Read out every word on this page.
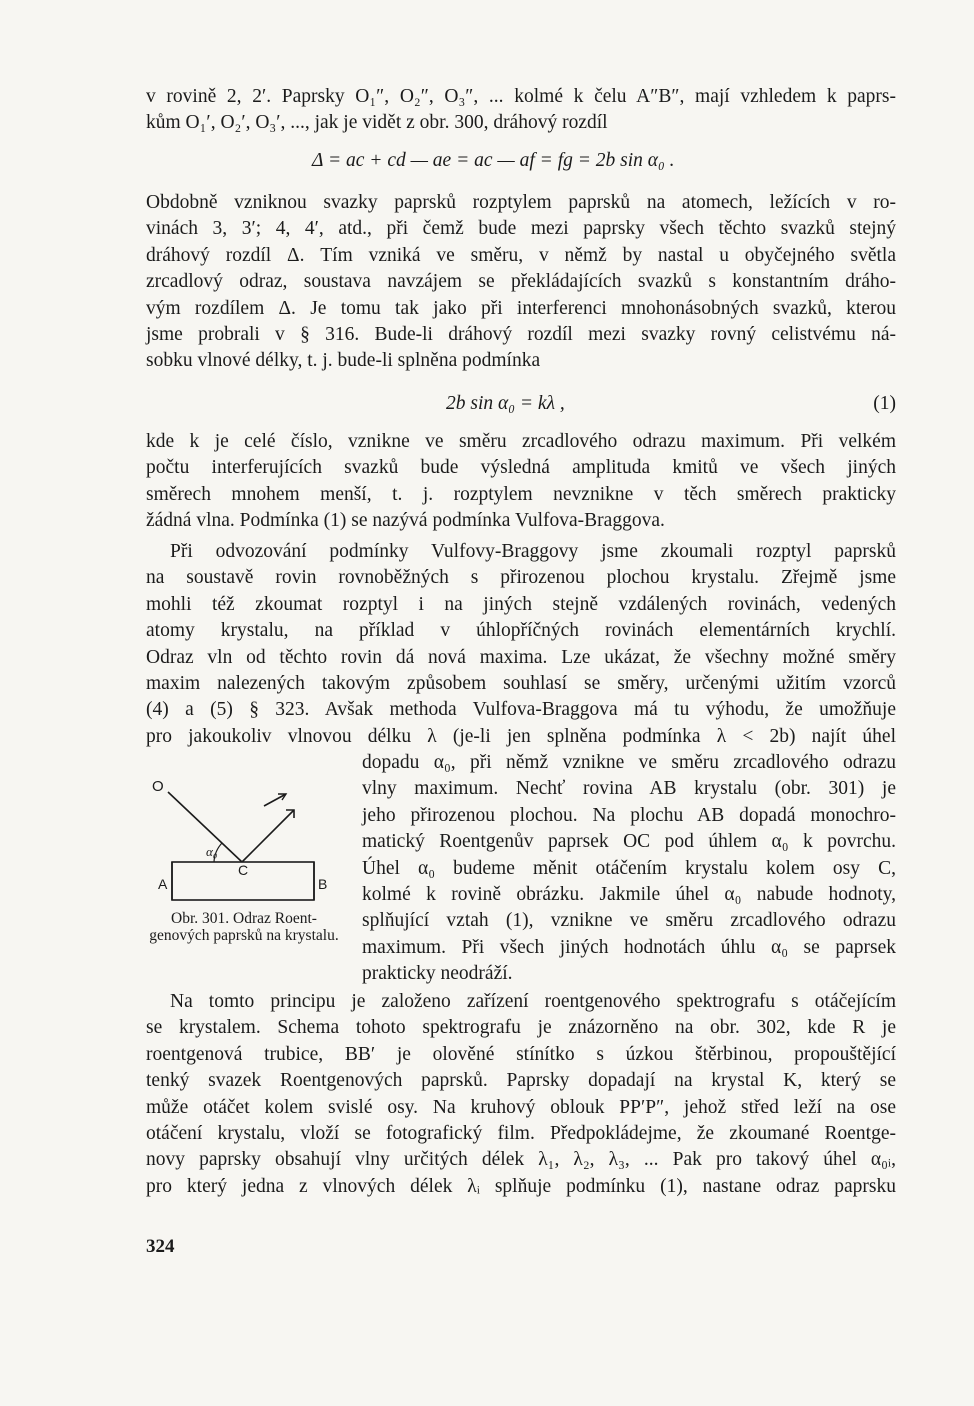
v rovině 2, 2′. Paprsky O₁″, O₂″, O₃″, ... kolmé k čelu A″B″, mají vzhledem k paprs-
kům O₁′, O₂′, O₃′, ..., jak je vidět z obr. 300, dráhový rozdíl
Δ = ac + cd — ae = ac — af = fg = 2b sin α₀ .
Obdobně vzniknou svazky paprsků rozptylem paprsků na atomech, ležících v ro-
vinách 3, 3′; 4, 4′, atd., při čemž bude mezi paprsky všech těchto svazků stejný
dráhový rozdíl Δ. Tím vzniká ve směru, v němž by nastal u obyčejného světla
zrcadlový odraz, soustava navzájem se překládajících svazků s konstantním dráho-
vým rozdílem Δ. Je tomu tak jako při interferenci mnohonásobných svazků, kterou
jsme probrali v § 316. Bude-li dráhový rozdíl mezi svazky rovný celistvému ná-
sobku vlnové délky, t. j. bude-li splněna podmínka
2b sin α₀ = kλ ,	(1)
kde k je celé číslo, vznikne ve směru zrcadlového odrazu maximum. Při velkém
počtu interferujících svazků bude výsledná amplituda kmitů ve všech jiných
směrech mnohem menší, t. j. rozptylem nevznikne v těch směrech prakticky
žádná vlna. Podmínka (1) se nazývá podmínka Vulfova-Braggova.
Při odvozování podmínky Vulfovy-Braggovy jsme zkoumali rozptyl paprsků
na soustavě rovin rovnoběžných s přirozenou plochou krystalu. Zřejmě jsme
mohli též zkoumat rozptyl i na jiných stejně vzdálených rovinách, vedených
atomy krystalu, na příklad v úhlopříčných rovinách elementárních krychlí.
Odraz vln od těchto rovin dá nová maxima. Lze ukázat, že všechny možné směry
maxim nalezených takovým způsobem souhlasí se směry, určenými užitím vzorců
(4) a (5) § 323. Avšak methoda Vulfova-Braggova má tu výhodu, že umožňuje
pro jakoukoliv vlnovou délku λ (je-li jen splněna podmínka λ < 2b) najít úhel
dopadu α₀, při němž vznikne ve směru zrcadlového odrazu
vlny maximum. Nechť rovina AB krystalu (obr. 301) je
jeho přirozenou plochou. Na plochu AB dopadá monochro-
matický Roentgenův paprsek OC pod úhlem α₀ k povrchu.
Úhel α₀ budeme měnit otáčením krystalu kolem osy C,
kolmé k rovině obrázku. Jakmile úhel α₀ nabude hodnoty,
splňující vztah (1), vznikne ve směru zrcadlového odrazu
maximum. Při všech jiných hodnotách úhlu α₀ se paprsek
prakticky neodráží.
O
α₀
C
A	B
Obr. 301. Odraz Roent-genových paprsků na krystalu.
Na tomto principu je založeno zařízení roentgenového spektrografu s otáčejícím
se krystalem. Schema tohoto spektrografu je znázorněno na obr. 302, kde R je
roentgenová trubice, BB′ je olověné stínítko s úzkou štěrbinou, propouštějící
tenký svazek Roentgenových paprsků. Paprsky dopadají na krystal K, který se
může otáčet kolem svislé osy. Na kruhový oblouk PP′P″, jehož střed leží na ose
otáčení krystalu, vloží se fotografický film. Předpokládejme, že zkoumané Roentge-
novy paprsky obsahují vlny určitých délek λ₁, λ₂, λ₃, ... Pak pro takový úhel α₀ᵢ,
pro který jedna z vlnových délek λᵢ splňuje podmínku (1), nastane odraz paprsku
324
